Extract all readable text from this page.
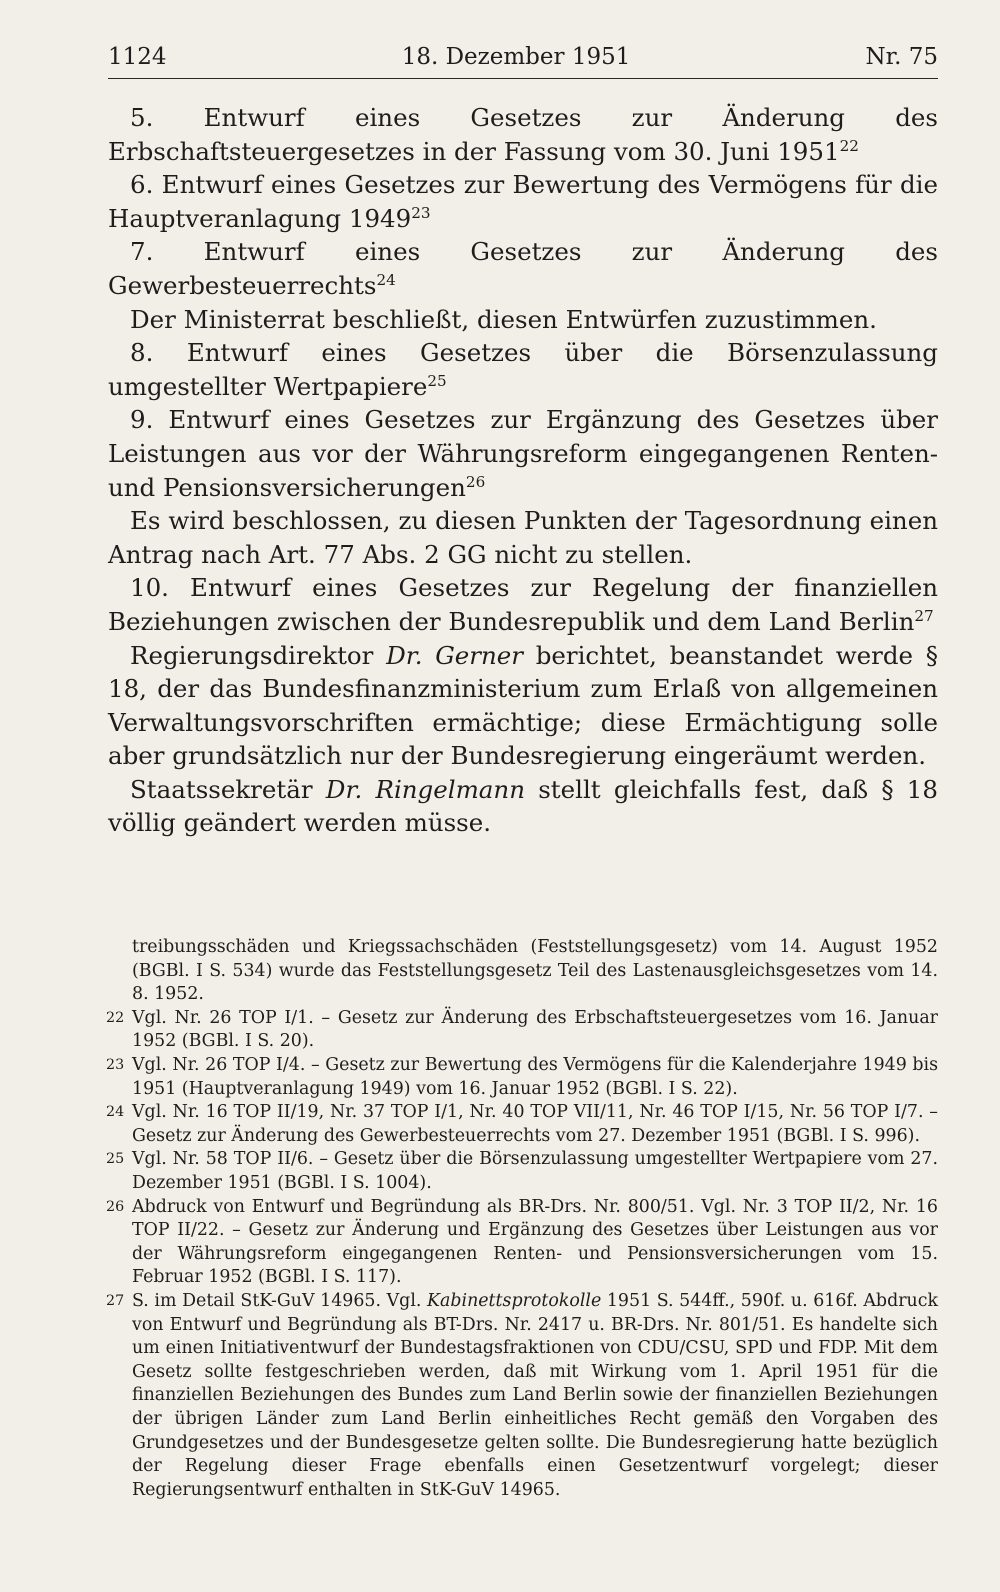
1124	18. Dezember 1951	Nr. 75

5. Entwurf eines Gesetzes zur Änderung des Erbschaftsteuergesetzes in der Fassung vom 30. Juni 1951$^{22}$

6. Entwurf eines Gesetzes zur Bewertung des Vermögens für die Hauptveranlagung 1949$^{23}$

7. Entwurf eines Gesetzes zur Änderung des Gewerbesteuerrechts$^{24}$

Der Ministerrat beschließt, diesen Entwürfen zuzustimmen.

8. Entwurf eines Gesetzes über die Börsenzulassung umgestellter Wertpapiere$^{25}$

9. Entwurf eines Gesetzes zur Ergänzung des Gesetzes über Leistungen aus vor der Währungsreform eingegangenen Renten- und Pensionsversicherungen$^{26}$

Es wird beschlossen, zu diesen Punkten der Tagesordnung einen Antrag nach Art. 77 Abs. 2 GG nicht zu stellen.

10. Entwurf eines Gesetzes zur Regelung der finanziellen Beziehungen zwischen der Bundesrepublik und dem Land Berlin$^{27}$

Regierungsdirektor Dr. Gerner berichtet, beanstandet werde § 18, der das Bundesfinanzministerium zum Erlaß von allgemeinen Verwaltungsvorschriften ermächtige; diese Ermächtigung solle aber grundsätzlich nur der Bundesregierung eingeräumt werden.

Staatssekretär Dr. Ringelmann stellt gleichfalls fest, daß § 18 völlig geändert werden müsse.

treibungsschäden und Kriegssachschäden (Feststellungsgesetz) vom 14. August 1952 (BGBl. I S. 534) wurde das Feststellungsgesetz Teil des Lastenausgleichsgesetzes vom 14. 8. 1952.

22 Vgl. Nr. 26 TOP I/1. – Gesetz zur Änderung des Erbschaftsteuergesetzes vom 16. Januar 1952 (BGBl. I S. 20).

23 Vgl. Nr. 26 TOP I/4. – Gesetz zur Bewertung des Vermögens für die Kalenderjahre 1949 bis 1951 (Hauptveranlagung 1949) vom 16. Januar 1952 (BGBl. I S. 22).

24 Vgl. Nr. 16 TOP II/19, Nr. 37 TOP I/1, Nr. 40 TOP VII/11, Nr. 46 TOP I/15, Nr. 56 TOP I/7. – Gesetz zur Änderung des Gewerbesteuerrechts vom 27. Dezember 1951 (BGBl. I S. 996).

25 Vgl. Nr. 58 TOP II/6. – Gesetz über die Börsenzulassung umgestellter Wertpapiere vom 27. Dezember 1951 (BGBl. I S. 1004).

26 Abdruck von Entwurf und Begründung als BR-Drs. Nr. 800/51. Vgl. Nr. 3 TOP II/2, Nr. 16 TOP II/22. – Gesetz zur Änderung und Ergänzung des Gesetzes über Leistungen aus vor der Währungsreform eingegangenen Renten- und Pensionsversicherungen vom 15. Februar 1952 (BGBl. I S. 117).

27 S. im Detail StK-GuV 14965. Vgl. Kabinettsprotokolle 1951 S. 544ff., 590f. u. 616f. Abdruck von Entwurf und Begründung als BT-Drs. Nr. 2417 u. BR-Drs. Nr. 801/51. Es handelte sich um einen Initiativentwurf der Bundestagsfraktionen von CDU/CSU, SPD und FDP. Mit dem Gesetz sollte festgeschrieben werden, daß mit Wirkung vom 1. April 1951 für die finanziellen Beziehungen des Bundes zum Land Berlin sowie der finanziellen Beziehungen der übrigen Länder zum Land Berlin einheitliches Recht gemäß den Vorgaben des Grundgesetzes und der Bundesgesetze gelten sollte. Die Bundesregierung hatte bezüglich der Regelung dieser Frage ebenfalls einen Gesetzentwurf vorgelegt; dieser Regierungsentwurf enthalten in StK-GuV 14965.
